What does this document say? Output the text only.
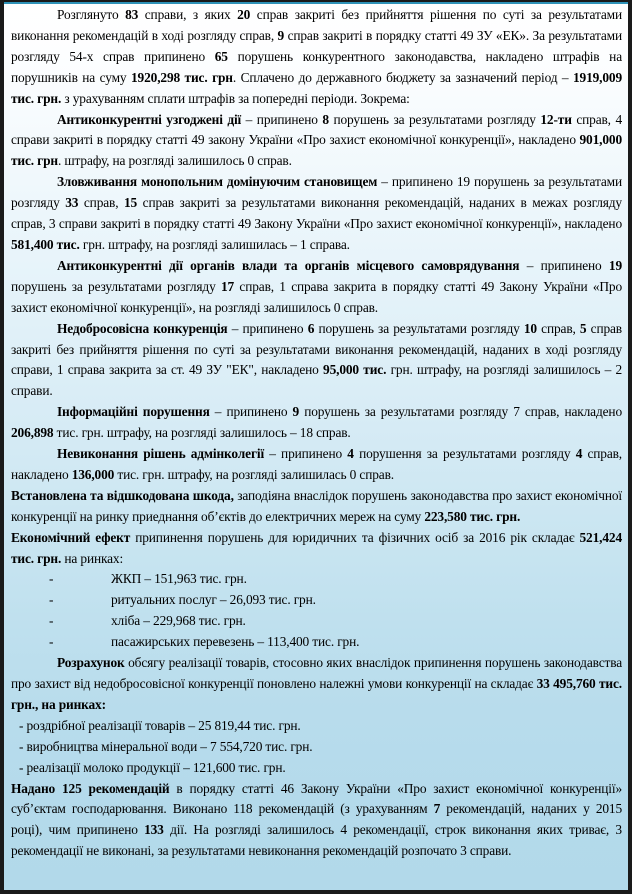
Розглянуто 83 справи, з яких 20 справ закриті без прийняття рішення по суті за результатами виконання рекомендацій в ході розгляду справ, 9 справ закриті в порядку статті 49 ЗУ «ЕК». За результатами розгляду 54-х справ припинено 65 порушень конкурентного законодавства, накладено штрафів на порушників на суму 1920,298 тис. грн. Сплачено до державного бюджету за зазначений період – 1919,009 тис. грн. з урахуванням сплати штрафів за попередні періоди. Зокрема:

Антиконкурентні узгоджені дії – припинено 8 порушень за результатами розгляду 12-ти справ, 4 справи закриті в порядку статті 49 закону України «Про захист економічної конкуренції», накладено 901,000 тис. грн. штрафу, на розгляді залишилось 0 справ.

Зловживання монопольним домінуючим становищем – припинено 19 порушень за результатами розгляду 33 справ, 15 справ закриті за результатами виконання рекомендацій, наданих в межах розгляду справ, 3 справи закриті в порядку статті 49 Закону України «Про захист економічної конкуренції», накладено 581,400 тис. грн. штрафу, на розгляді залишилась – 1 справа.

Антиконкурентні дії органів влади та органів місцевого самоврядування – припинено 19 порушень за результатами розгляду 17 справ, 1 справа закрита в порядку статті 49 Закону України «Про захист економічної конкуренції», на розгляді залишилось 0 справ.

Недобросовісна конкуренція – припинено 6 порушень за результатами розгляду 10 справ, 5 справ закриті без прийняття рішення по суті за результатами виконання рекомендацій, наданих в ході розгляду справи, 1 справа закрита за ст. 49 ЗУ "ЕК", накладено 95,000 тис. грн. штрафу, на розгляді залишилось – 2 справи.

Інформаційні порушення – припинено 9 порушень за результатами розгляду 7 справ, накладено 206,898 тис. грн. штрафу, на розгляді залишилось – 18 справ.

Невиконання рішень адмінколегії – припинено 4 порушення за результатами розгляду 4 справ, накладено 136,000 тис. грн. штрафу, на розгляді залишилась 0 справ.

Встановлена та відшкодована шкода, заподіяна внаслідок порушень законодавства про захист економічної конкуренції на ринку приеднання об’єктів до електричних мереж на суму 223,580 тис. грн.

Економічний ефект припинення порушень для юридичних та фізичних осіб за 2016 рік складає 521,424 тис. грн. на ринках:

-	ЖКП – 151,963 тис. грн.
-	ритуальних послуг – 26,093 тис. грн.
-	хліба – 229,968 тис. грн.
-	пасажирських перевезень – 113,400 тис. грн.

Розрахунок обсягу реалізації товарів, стосовно яких внаслідок припинення порушень законодавства про захист від недобросовісної конкуренції поновлено належні умови конкуренції на складає 33 495,760 тис. грн., на ринках:

- роздрібної реалізації товарів – 25 819,44 тис. грн.
- виробництва мінеральної води – 7 554,720 тис. грн.
- реалізації молоко продукції – 121,600 тис. грн.

Надано 125 рекомендацій в порядку статті 46 Закону України «Про захист економічної конкуренції» суб’єктам господарювання. Виконано 118 рекомендацій (з урахуванням 7 рекомендацій, наданих у 2015 році), чим припинено 133 дії. На розгляді залишилось 4 рекомендації, строк виконання яких триває, 3 рекомендації не виконані, за результатами невиконання рекомендацій розпочато 3 справи.
